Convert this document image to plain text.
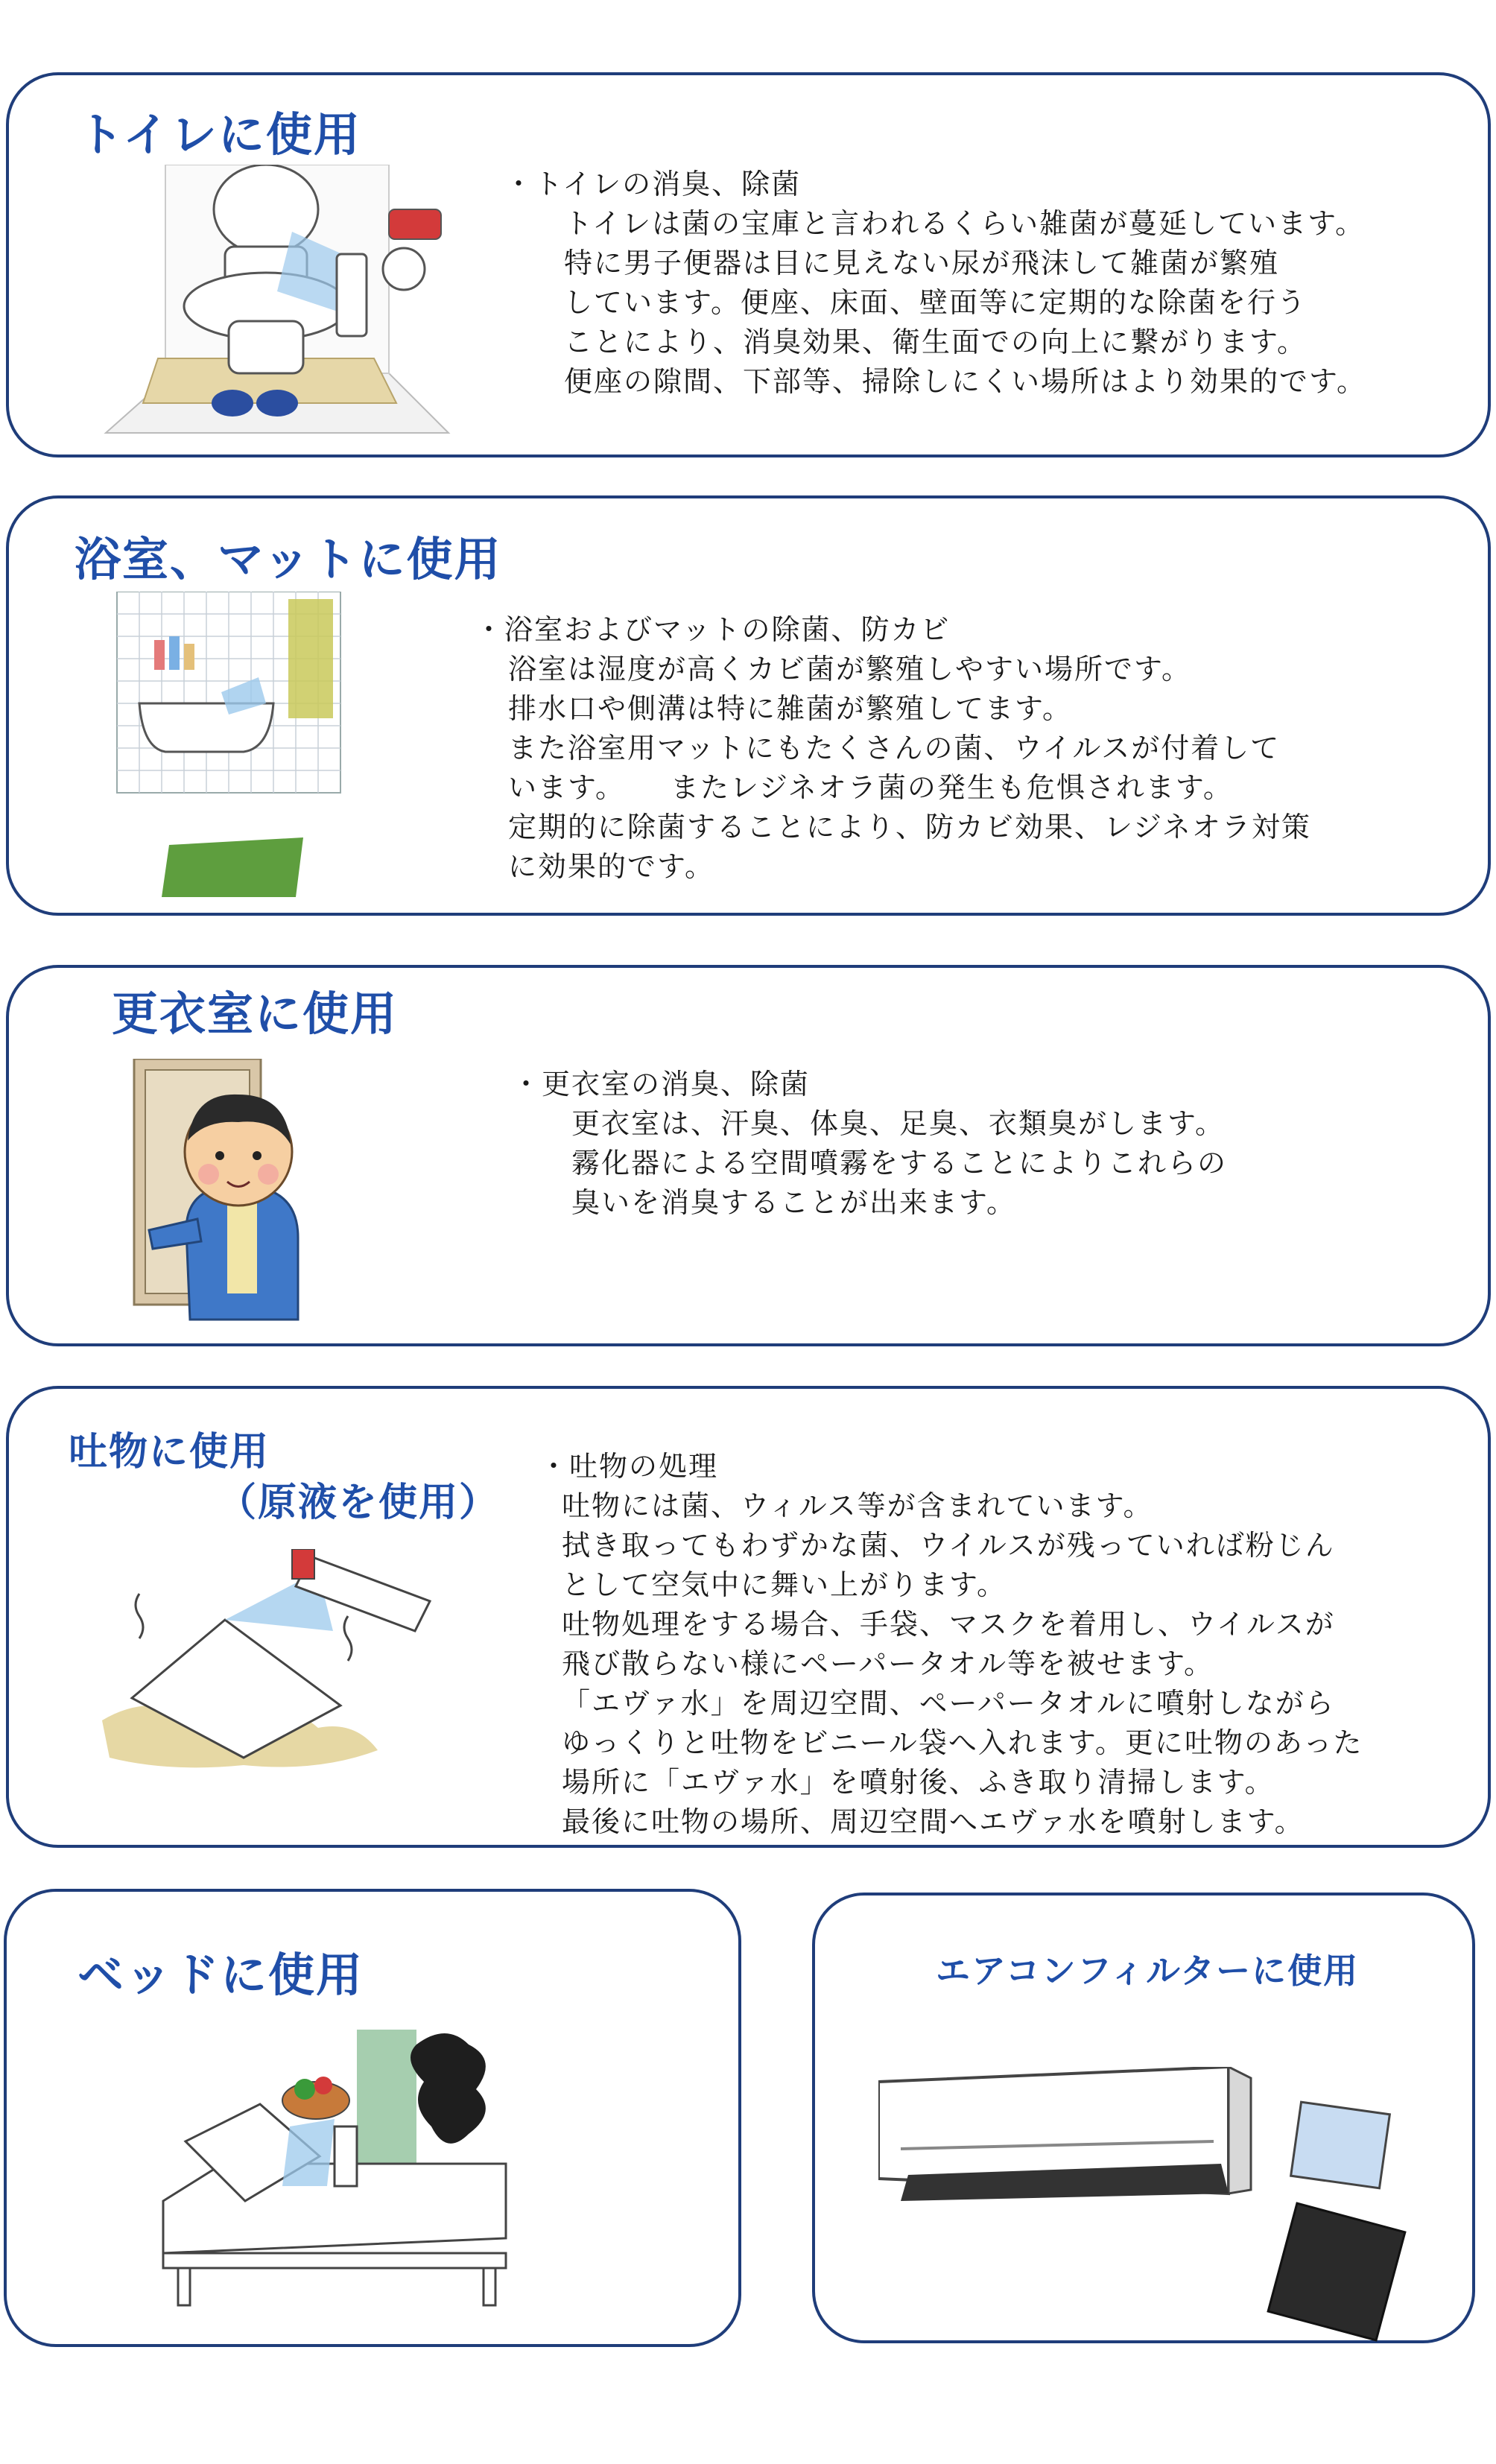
トイレに使用
・トイレの消臭、除菌
トイレは菌の宝庫と言われるくらい雑菌が蔓延しています。
特に男子便器は目に見えない尿が飛沫して雑菌が繁殖
しています。便座、床面、壁面等に定期的な除菌を行う
ことにより、消臭効果、衛生面での向上に繋がります。
便座の隙間、下部等、掃除しにくい場所はより効果的です。
浴室、マットに使用
・浴室およびマットの除菌、防カビ
浴室は湿度が高くカビ菌が繁殖しやすい場所です。
排水口や側溝は特に雑菌が繁殖してます。
また浴室用マットにもたくさんの菌、ウイルスが付着して
います。　　またレジネオラ菌の発生も危惧されます。
定期的に除菌することにより、防カビ効果、レジネオラ対策
に効果的です。
更衣室に使用
・更衣室の消臭、除菌
更衣室は、汗臭、体臭、足臭、衣類臭がします。
霧化器による空間噴霧をすることによりこれらの
臭いを消臭することが出来ます。
吐物に使用
（原液を使用）
・吐物の処理
吐物には菌、ウィルス等が含まれています。
拭き取ってもわずかな菌、ウイルスが残っていれば粉じん
として空気中に舞い上がります。
吐物処理をする場合、手袋、マスクを着用し、ウイルスが
飛び散らない様にペーパータオル等を被せます。
「エヴァ水」を周辺空間、ペーパータオルに噴射しながら
ゆっくりと吐物をビニール袋へ入れます。更に吐物のあった
場所に「エヴァ水」を噴射後、ふき取り清掃します。
最後に吐物の場所、周辺空間へエヴァ水を噴射します。
ベッドに使用	エアコンフィルターに使用
